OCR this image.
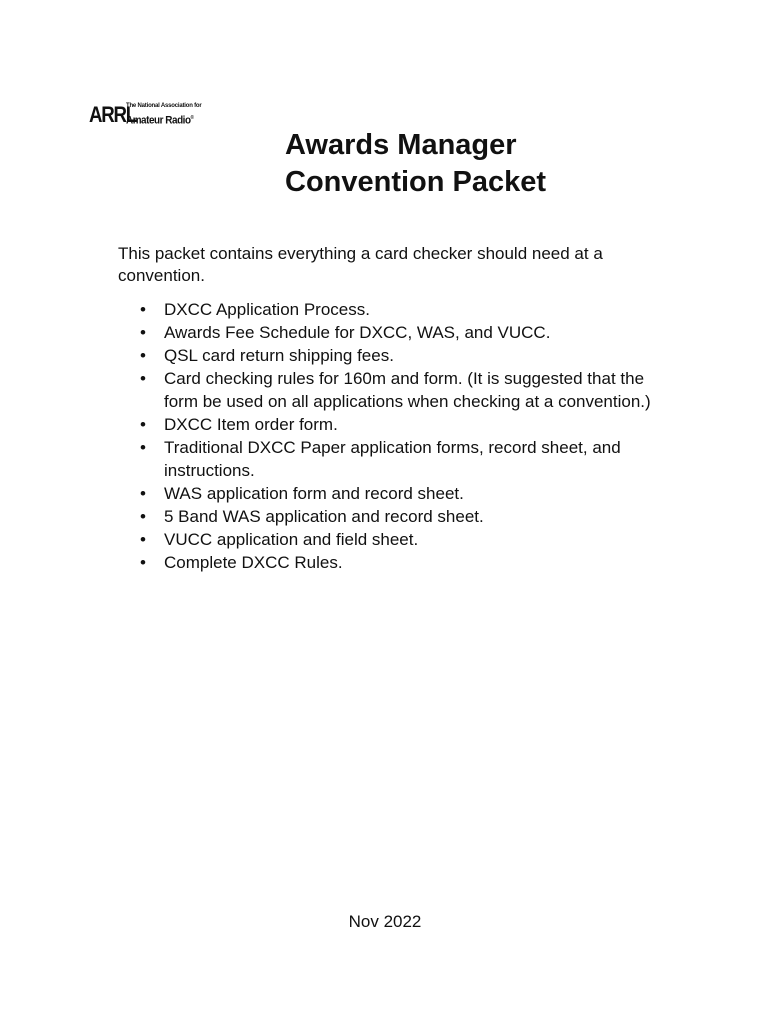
ARRL
The National Association for
Amateur Radio®
Awards Manager
Convention Packet

This packet contains everything a card checker should need at a convention.

• DXCC Application Process.
• Awards Fee Schedule for DXCC, WAS, and VUCC.
• QSL card return shipping fees.
• Card checking rules for 160m and form. (It is suggested that the form be used on all applications when checking at a convention.)
• DXCC Item order form.
• Traditional DXCC Paper application forms, record sheet, and instructions.
• WAS application form and record sheet.
• 5 Band WAS application and record sheet.
• VUCC application and field sheet.
• Complete DXCC Rules.
Nov 2022
